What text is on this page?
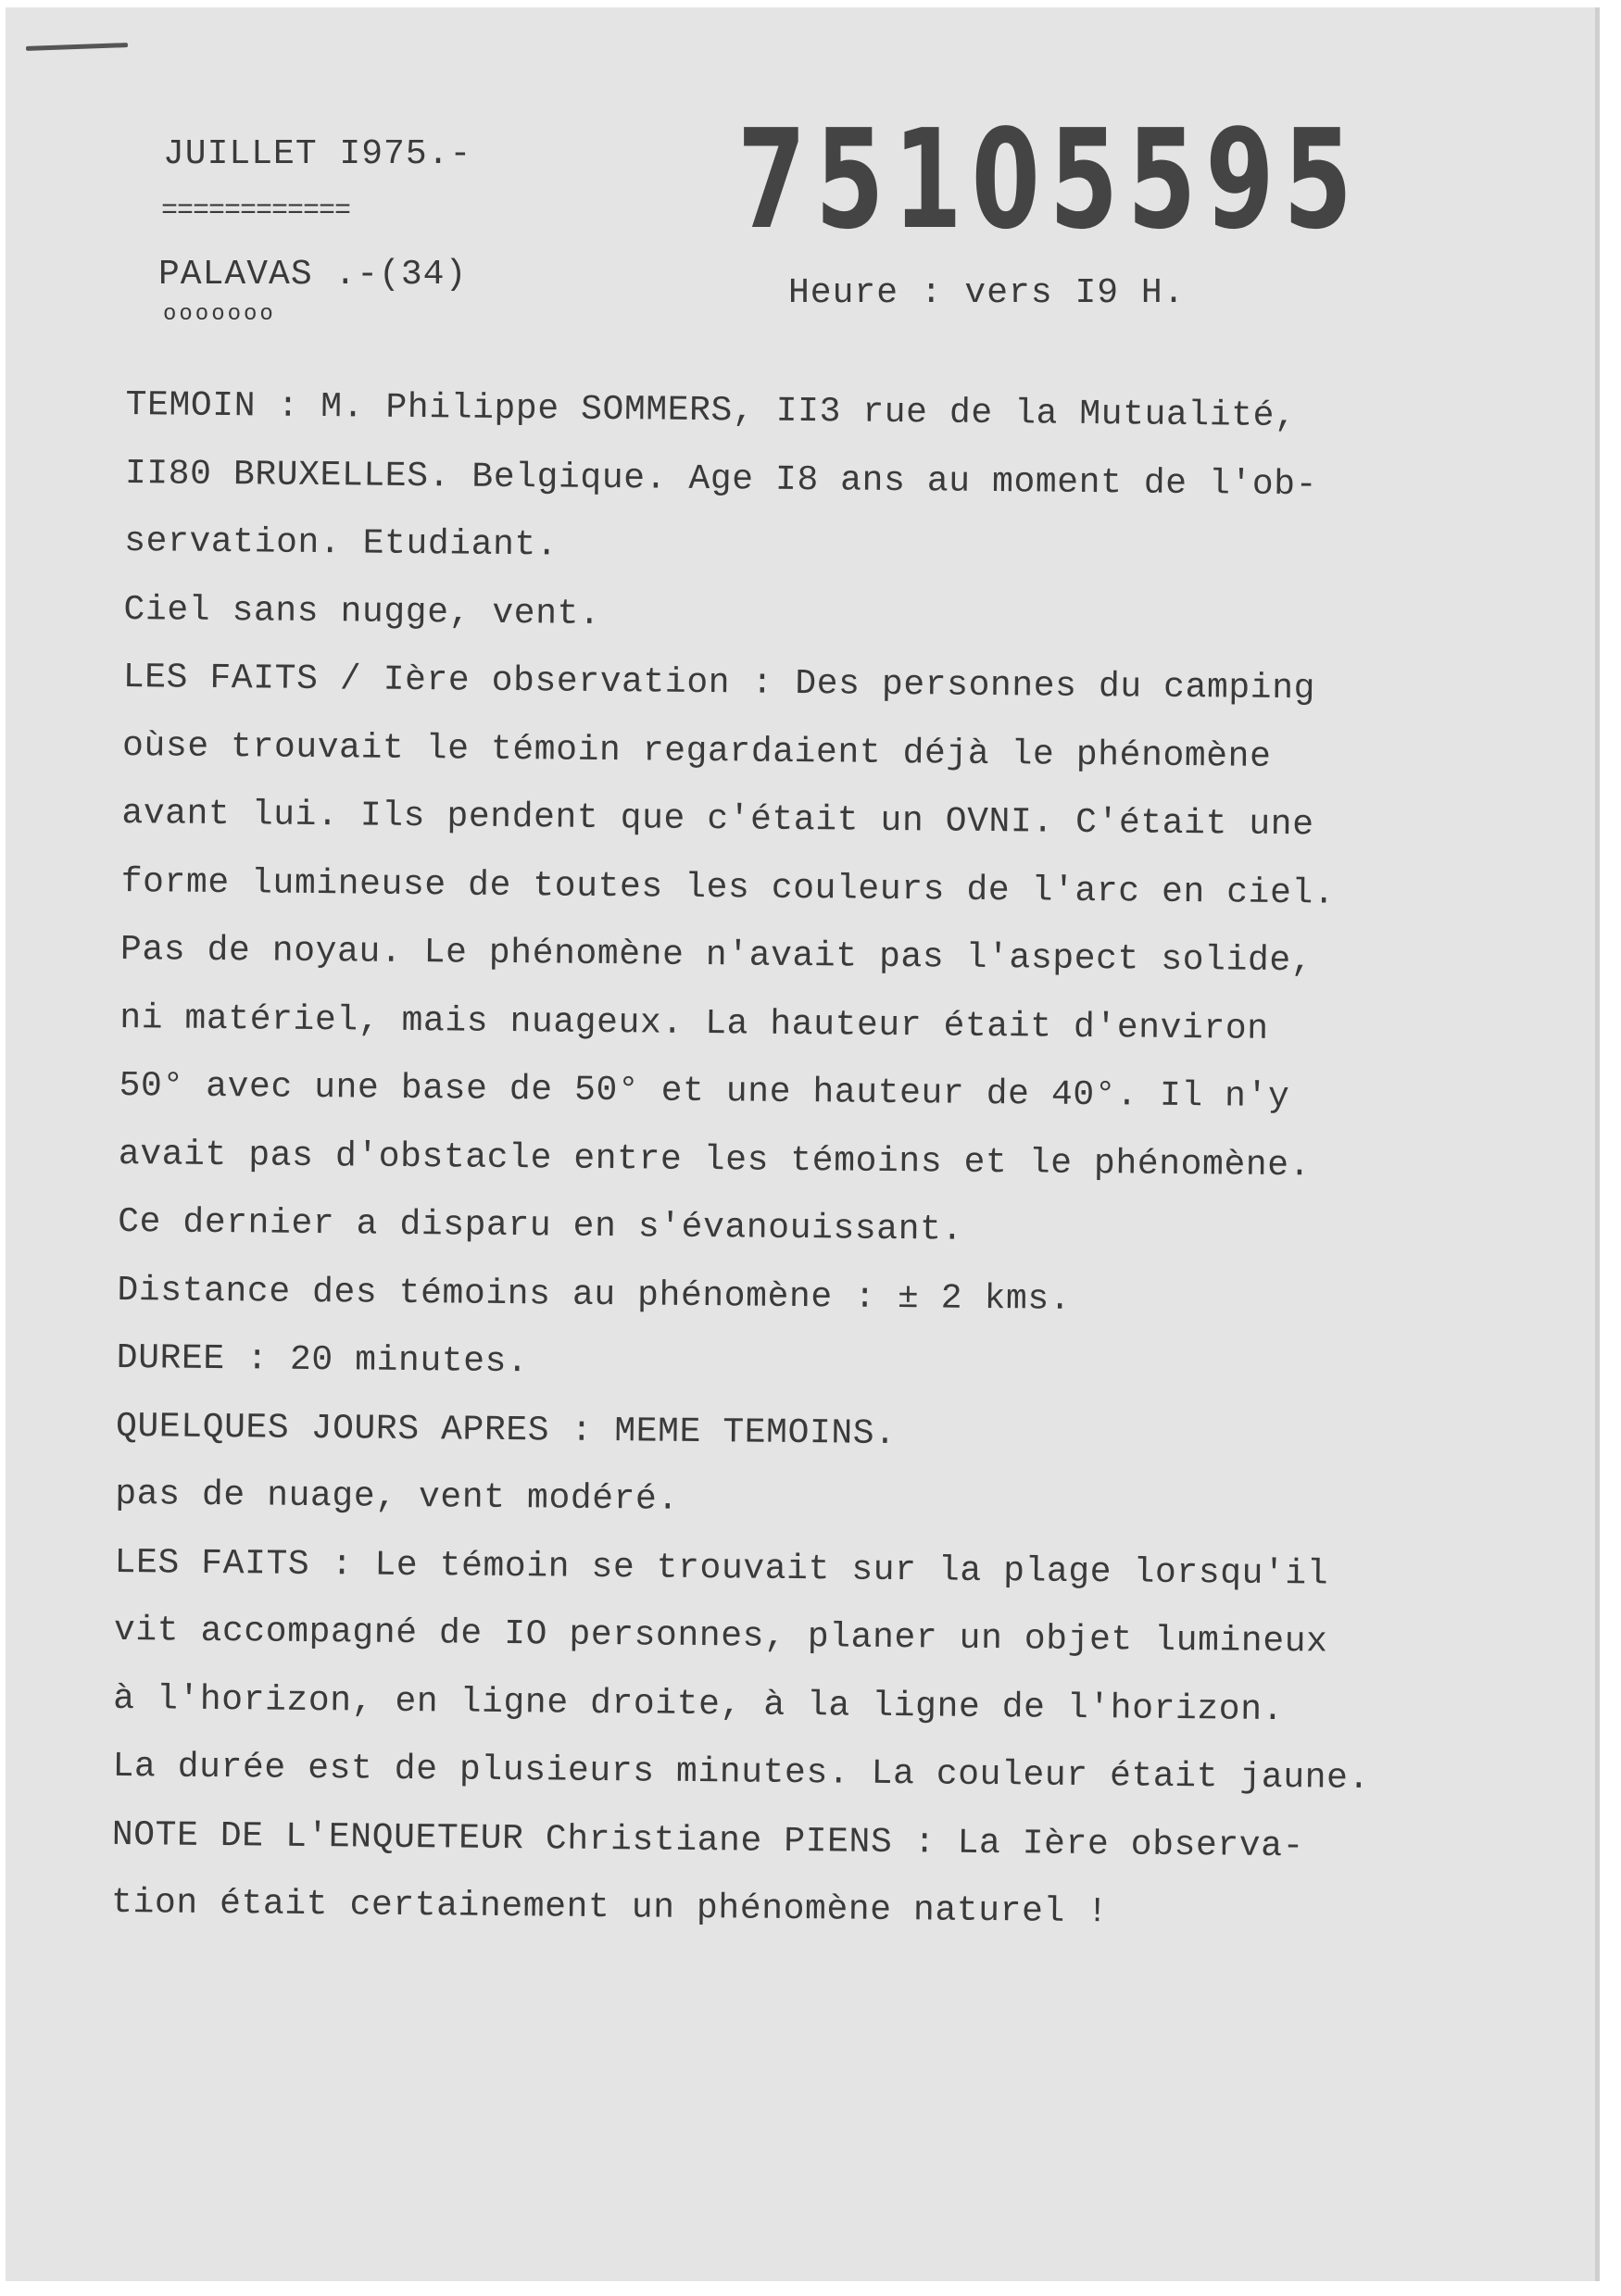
JUILLET I975.-
============
PALAVAS .-(34)
ooooooo
75105595
Heure : vers I9 H.
TEMOIN : M. Philippe SOMMERS, II3 rue de la Mutualité,
II80 BRUXELLES. Belgique. Age I8 ans au moment de l'ob-
servation. Etudiant.
Ciel sans nugge, vent.
LES FAITS / Ière observation : Des personnes du camping
oùse trouvait le témoin regardaient déjà le phénomène
avant lui. Ils pendent que c'était un OVNI. C'était une
forme lumineuse de toutes les couleurs de l'arc en ciel.
Pas de noyau. Le phénomène n'avait pas l'aspect solide,
ni matériel, mais nuageux. La hauteur était d'environ
50° avec une base de 50° et une hauteur de 40°. Il n'y
avait pas d'obstacle entre les témoins et le phénomène.
Ce dernier a disparu en s'évanouissant.
Distance des témoins au phénomène : ± 2 kms.
DUREE : 20 minutes.
QUELQUES JOURS APRES : MEME TEMOINS.
pas de nuage, vent modéré.
LES FAITS : Le témoin se trouvait sur la plage lorsqu'il
vit accompagné de IO personnes, planer un objet lumineux
à l'horizon, en ligne droite, à la ligne de l'horizon.
La durée est de plusieurs minutes. La couleur était jaune.
NOTE DE L'ENQUETEUR Christiane PIENS : La Ière observa-
tion était certainement un phénomène naturel !
